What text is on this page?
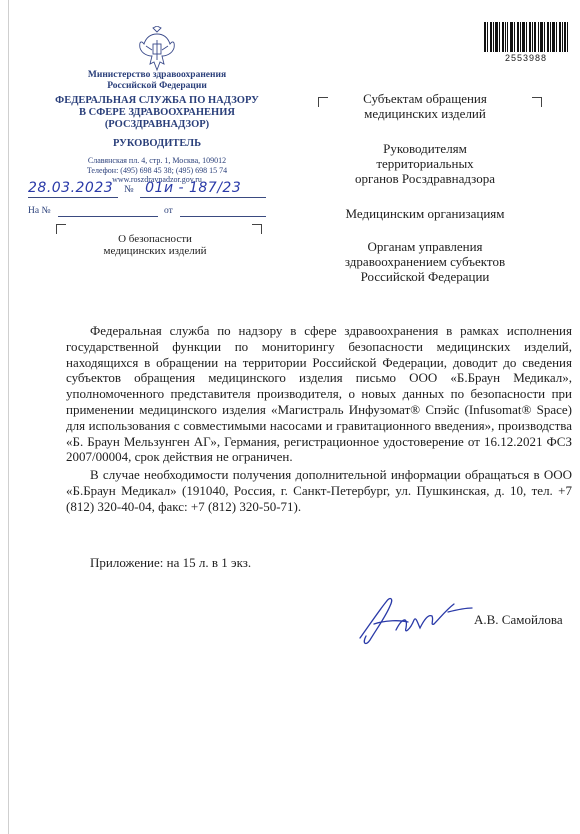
Министерство здравоохранения
Российской Федерации
ФЕДЕРАЛЬНАЯ СЛУЖБА ПО НАДЗОРУ
В СФЕРЕ ЗДРАВООХРАНЕНИЯ
(РОСЗДРАВНАДЗОР)
РУКОВОДИТЕЛЬ
Славянская пл. 4, стр. 1, Москва, 109012
Телефон: (495) 698 45 38; (495) 698 15 74
www.roszdravnadzor.gov.ru
28.03.2023 № 01и - 187/23
На №	от
О безопасности
медицинских изделий
2553988
Субъектам обращения
медицинских изделий
Руководителям
территориальных
органов Росздравнадзора
Медицинским организациям
Органам управления
здравоохранением субъектов
Российской Федерации

Федеральная служба по надзору в сфере здравоохранения в рамках исполнения государственной функции по мониторингу безопасности медицинских изделий, находящихся в обращении на территории Российской Федерации, доводит до сведения субъектов обращения медицинского изделия письмо ООО «Б.Браун Медикал», уполномоченного представителя производителя, о новых данных по безопасности при применении медицинского изделия «Магистраль Инфузомат® Спэйс (Infusomat® Space) для использования с совместимыми насосами и гравитационного введения», производства «Б. Браун Мельзунген АГ», Германия, регистрационное удостоверение от 16.12.2021 ФСЗ 2007/00004, срок действия не ограничен.

В случае необходимости получения дополнительной информации обращаться в ООО «Б.Браун Медикал» (191040, Россия, г. Санкт-Петербург, ул. Пушкинская, д. 10, тел. +7 (812) 320-40-04, факс: +7 (812) 320-50-71).

Приложение: на 15 л. в 1 экз.
А.В. Самойлова
